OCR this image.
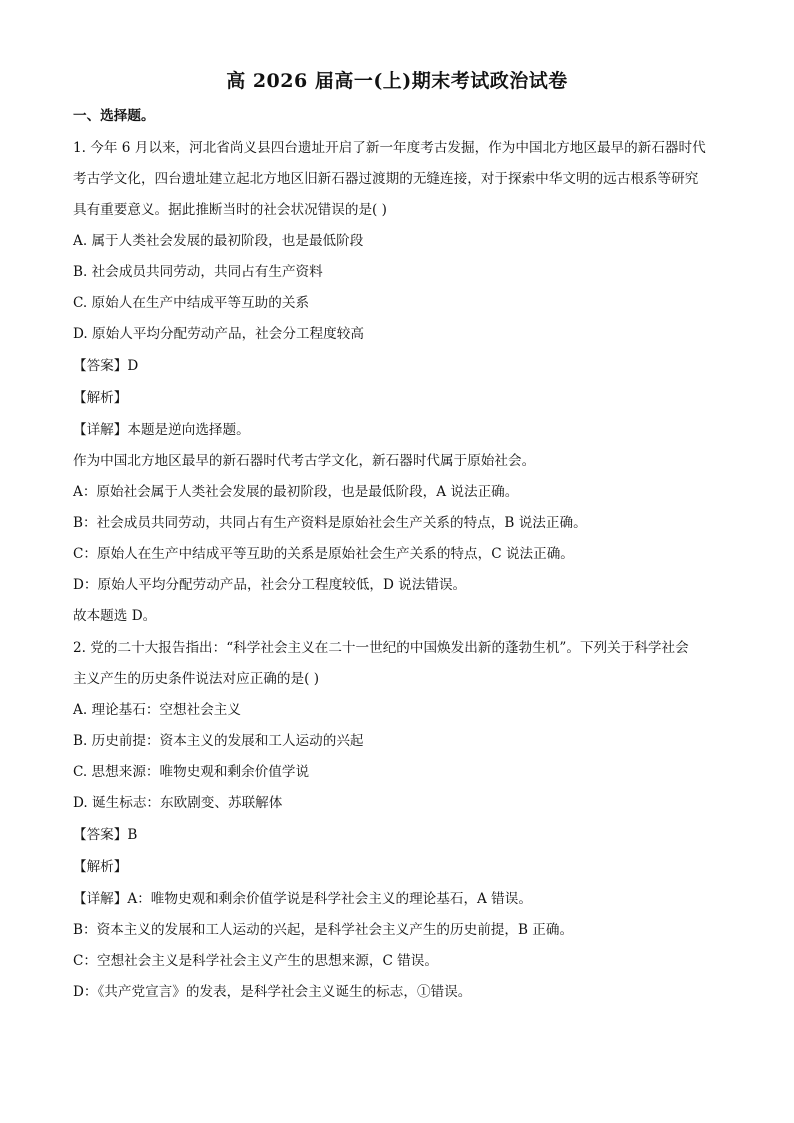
高 2026 届高一(上)期末考试政治试卷
一、选择题。
1. 今年 6 月以来，河北省尚义县四台遗址开启了新一年度考古发掘，作为中国北方地区最早的新石器时代
考古学文化，四台遗址建立起北方地区旧新石器过渡期的无缝连接，对于探索中华文明的远古根系等研究
具有重要意义。据此推断当时的社会状况错误的是( )
A. 属于人类社会发展的最初阶段，也是最低阶段
B. 社会成员共同劳动，共同占有生产资料
C. 原始人在生产中结成平等互助的关系
D. 原始人平均分配劳动产品，社会分工程度较高
【答案】D
【解析】
【详解】本题是逆向选择题。
作为中国北方地区最早的新石器时代考古学文化，新石器时代属于原始社会。
A：原始社会属于人类社会发展的最初阶段，也是最低阶段，A 说法正确。
B：社会成员共同劳动，共同占有生产资料是原始社会生产关系的特点，B 说法正确。
C：原始人在生产中结成平等互助的关系是原始社会生产关系的特点，C 说法正确。
D：原始人平均分配劳动产品，社会分工程度较低，D 说法错误。
故本题选 D。
2. 党的二十大报告指出：“科学社会主义在二十一世纪的中国焕发出新的蓬勃生机”。下列关于科学社会
主义产生的历史条件说法对应正确的是( )
A. 理论基石：空想社会主义
B. 历史前提：资本主义的发展和工人运动的兴起
C. 思想来源：唯物史观和剩余价值学说
D. 诞生标志：东欧剧变、苏联解体
【答案】B
【解析】
【详解】A：唯物史观和剩余价值学说是科学社会主义的理论基石，A 错误。
B：资本主义的发展和工人运动的兴起，是科学社会主义产生的历史前提，B 正确。
C：空想社会主义是科学社会主义产生的思想来源，C 错误。
D：《共产党宣言》的发表，是科学社会主义诞生的标志，①错误。
